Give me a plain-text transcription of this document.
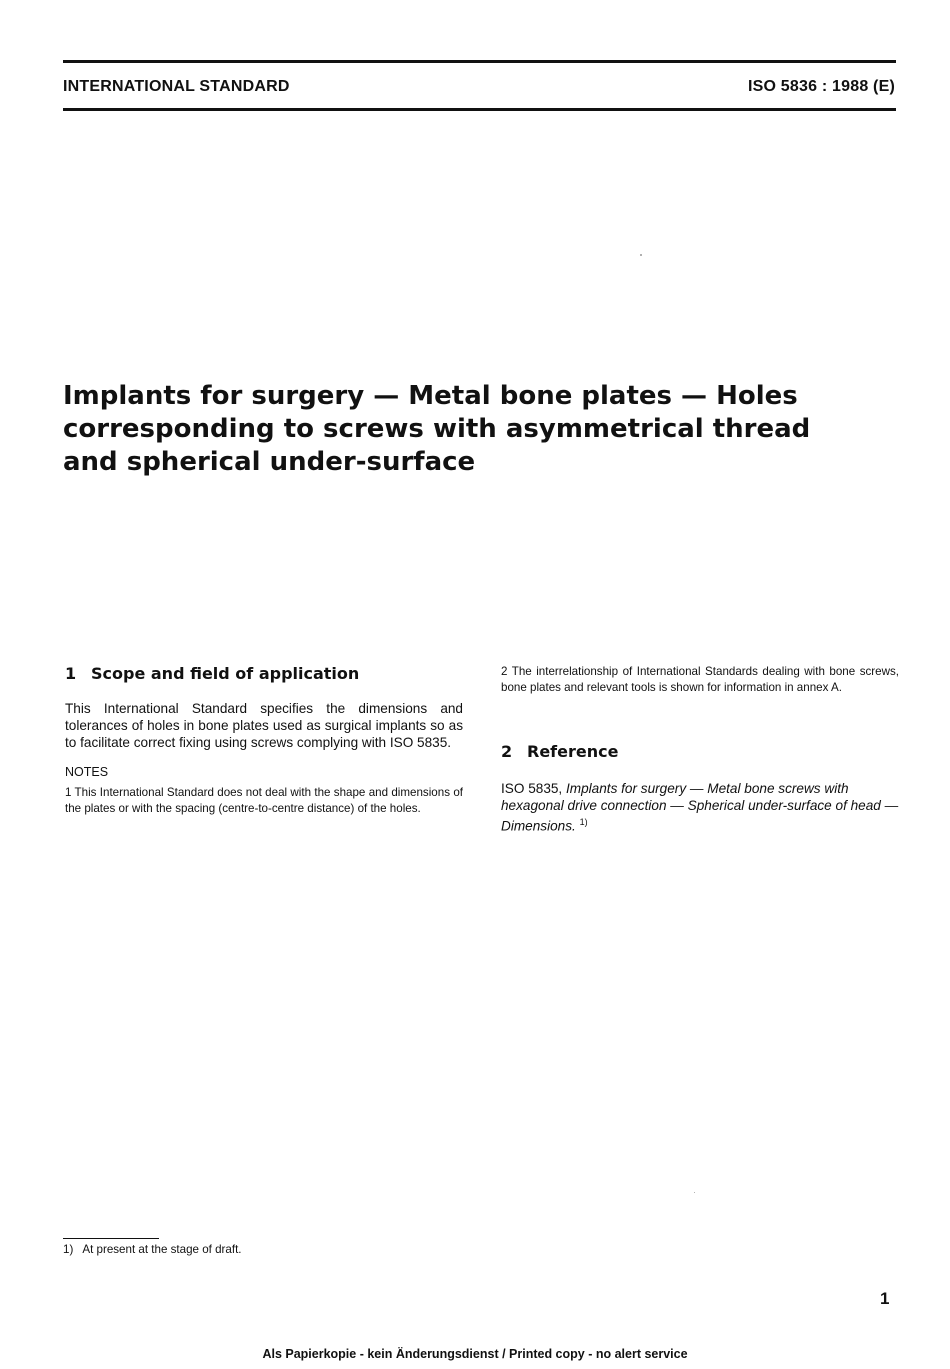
INTERNATIONAL STANDARD	ISO 5836 : 1988 (E)
Implants for surgery — Metal bone plates — Holes
corresponding to screws with asymmetrical thread
and spherical under-surface
1 Scope and field of application

This International Standard specifies the dimensions and tolerances of holes in bone plates used as surgical implants so as to facilitate correct fixing using screws complying with ISO 5835.

NOTES

1 This International Standard does not deal with the shape and dimensions of the plates or with the spacing (centre-to-centre distance) of the holes.

2 The interrelationship of International Standards dealing with bone screws, bone plates and relevant tools is shown for information in annex A.

2 Reference

ISO 5835, Implants for surgery — Metal bone screws with hexagonal drive connection — Spherical under-surface of head — Dimensions. $^{1)}$

1)   At present at the stage of draft.
1
Als Papierkopie - kein Änderungsdienst / Printed copy - no alert service
